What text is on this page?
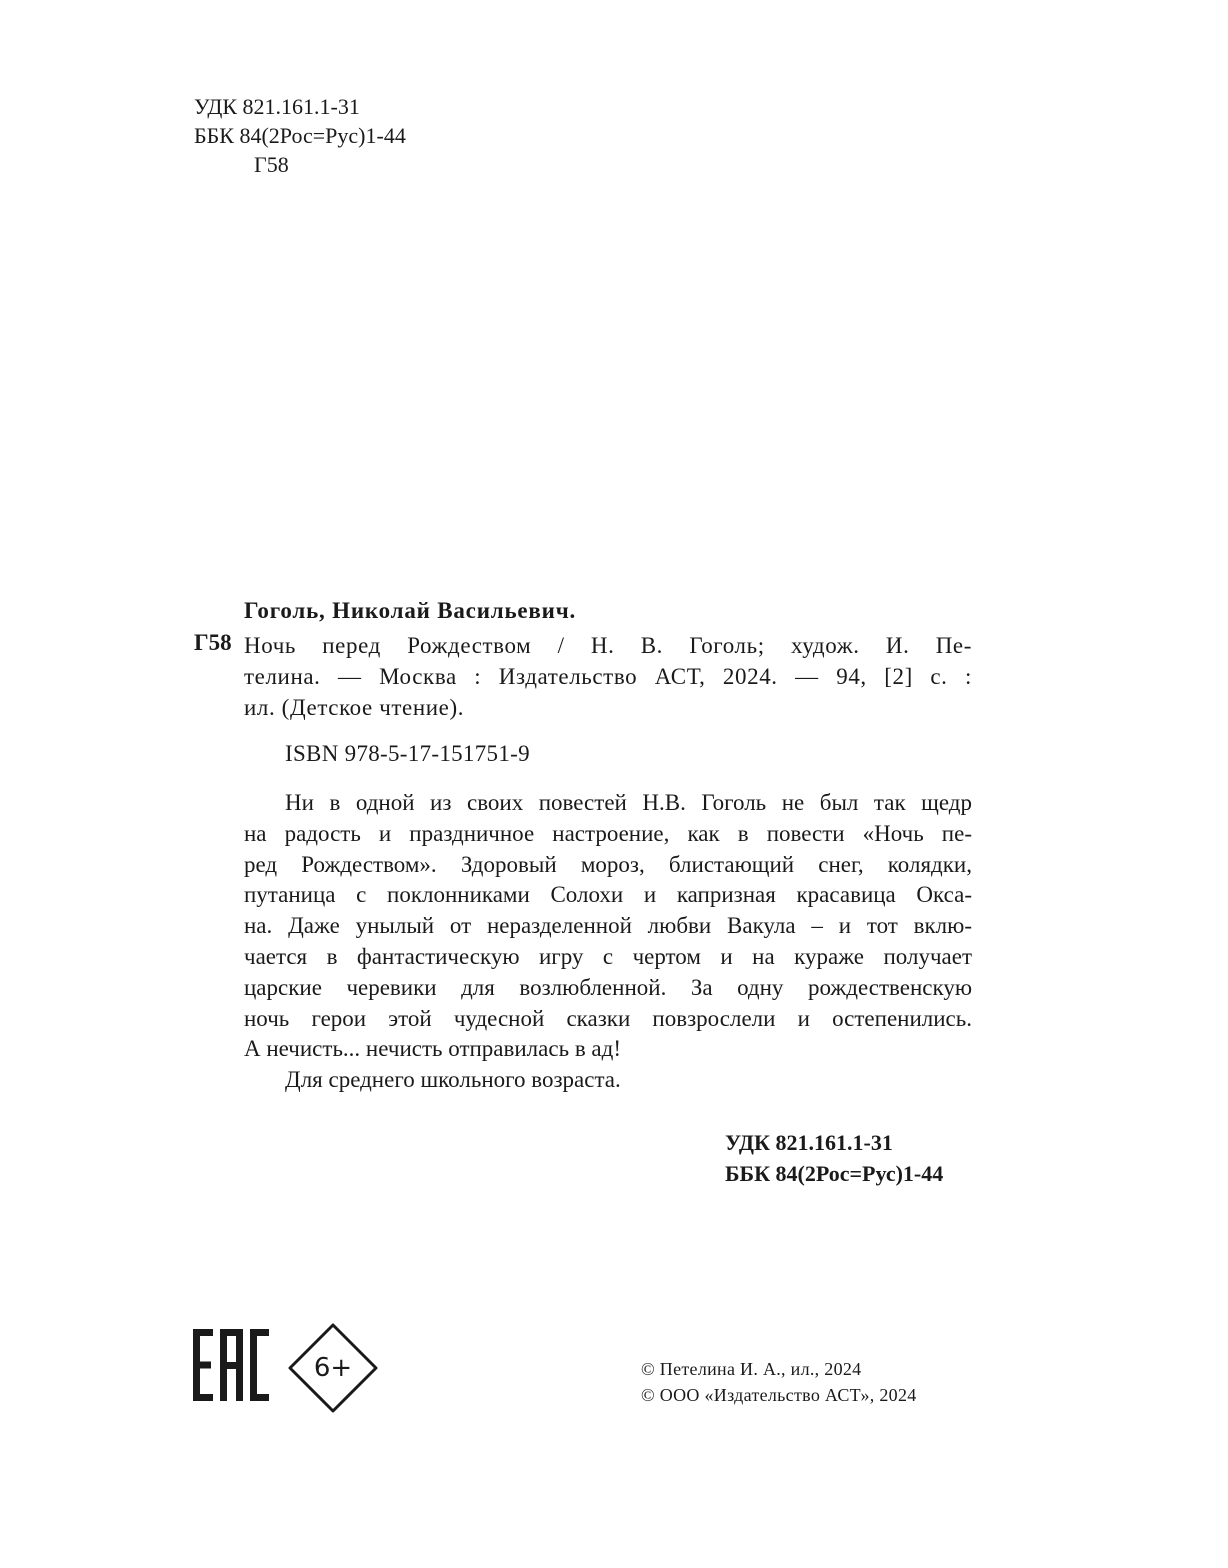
УДК 821.161.1-31
ББК 84(2Рос=Рус)1-44
Г58
Гоголь, Николай Васильевич.
Г58 Ночь перед Рождеством / Н. В. Гоголь; худож. И. Пе-
телина. — Москва : Издательство АСТ, 2024. — 94, [2] с. :
ил. (Детское чтение).
ISBN 978-5-17-151751-9
Ни в одной из своих повестей Н.В. Гоголь не был так щедр
на радость и праздничное настроение, как в повести «Ночь пе-
ред Рождеством». Здоровый мороз, блистающий снег, колядки,
путаница с поклонниками Солохи и капризная красавица Окса-
на. Даже унылый от неразделенной любви Вакула – и тот вклю-
чается в фантастическую игру с чертом и на кураже получает
царские черевики для возлюбленной. За одну рождественскую
ночь герои этой чудесной сказки повзрослели и остепенились.
А нечисть... нечисть отправилась в ад!
Для среднего школьного возраста.
УДК 821.161.1-31
ББК 84(2Рос=Рус)1-44
6+	© Петелина И. А., ил., 2024
© ООО «Издательство АСТ», 2024
